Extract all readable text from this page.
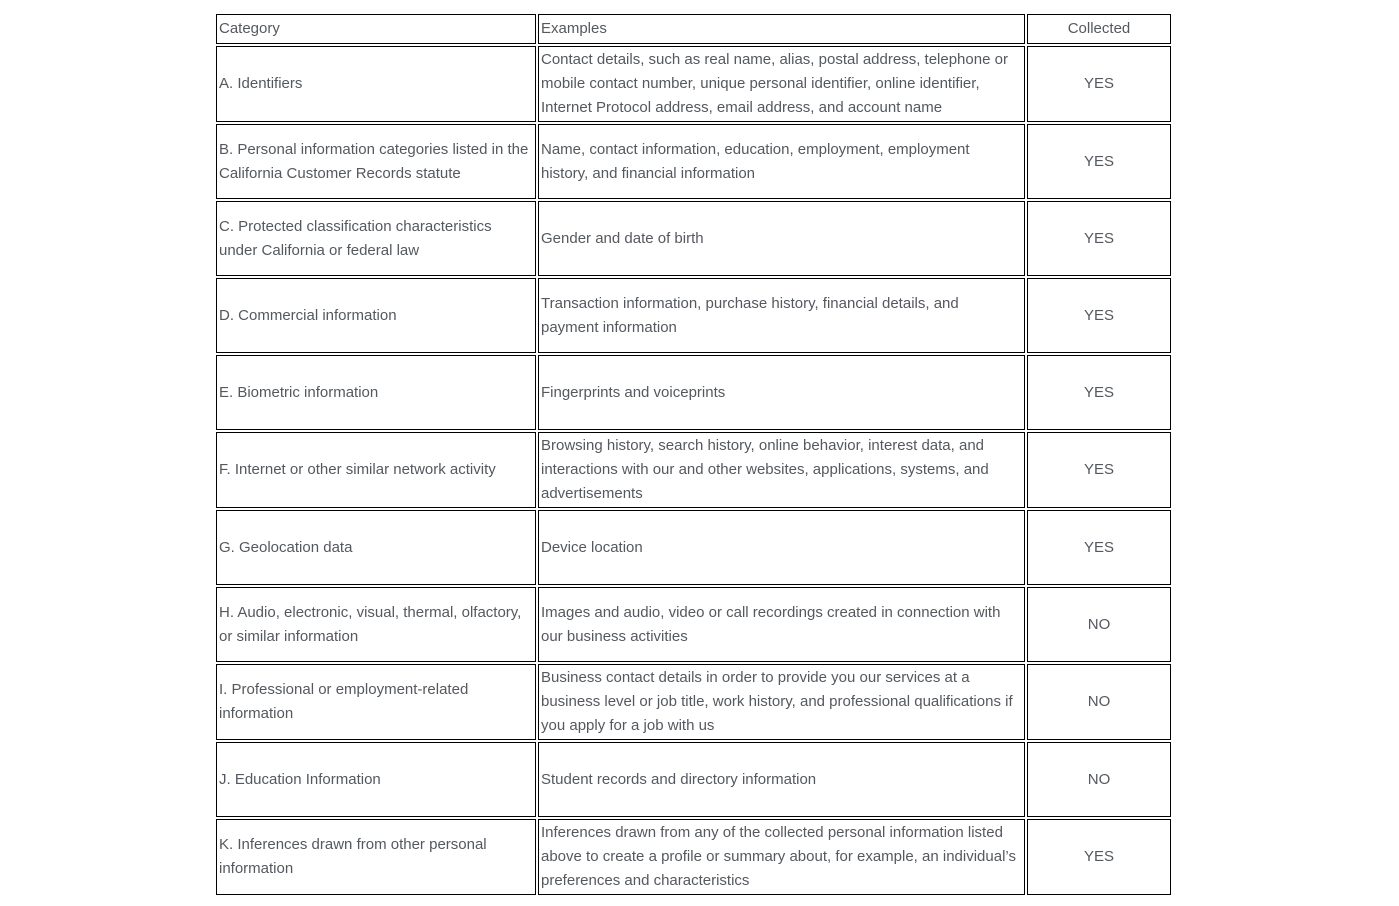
Category	Examples	Collected
A. Identifiers	Contact details, such as real name, alias, postal address, telephone or mobile contact number, unique personal identifier, online identifier, Internet Protocol address, email address, and account name	YES
B. Personal information categories listed in the California Customer Records statute	Name, contact information, education, employment, employment history, and financial information	YES
C. Protected classification characteristics under California or federal law	Gender and date of birth	YES
D. Commercial information	Transaction information, purchase history, financial details, and payment information	YES
E. Biometric information	Fingerprints and voiceprints	YES
F. Internet or other similar network activity	Browsing history, search history, online behavior, interest data, and interactions with our and other websites, applications, systems, and advertisements	YES
G. Geolocation data	Device location	YES
H. Audio, electronic, visual, thermal, olfactory, or similar information	Images and audio, video or call recordings created in connection with our business activities	NO
I. Professional or employment-related information	Business contact details in order to provide you our services at a business level or job title, work history, and professional qualifications if you apply for a job with us	NO
J. Education Information	Student records and directory information	NO
K. Inferences drawn from other personal information	Inferences drawn from any of the collected personal information listed above to create a profile or summary about, for example, an individual’s preferences and characteristics	YES
